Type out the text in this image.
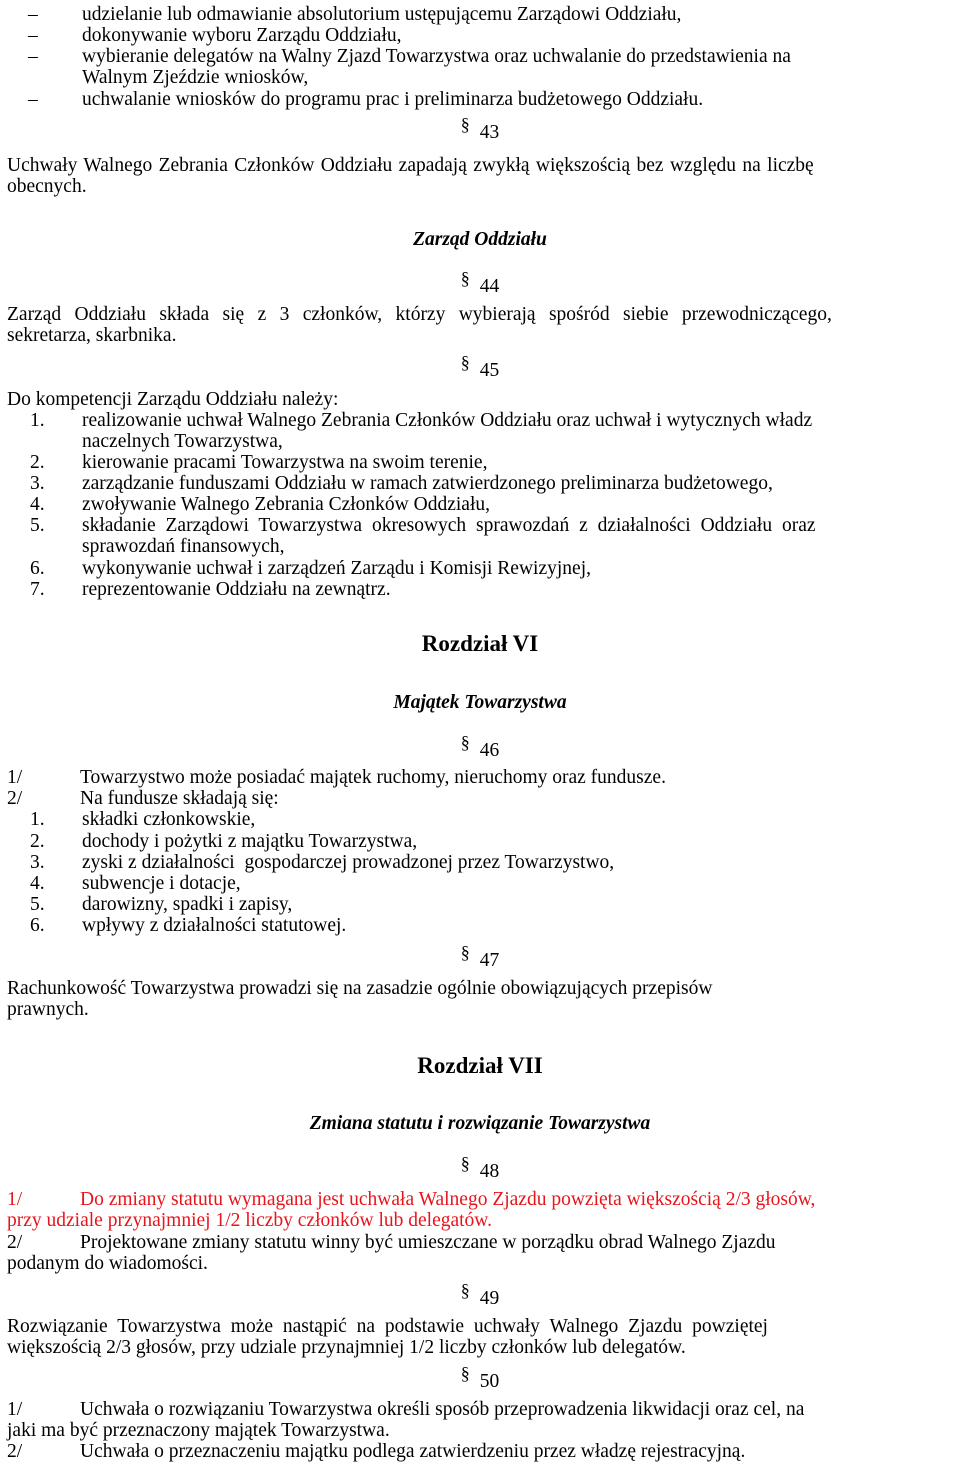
– udzielanie lub odmawianie absolutorium ustępującemu Zarządowi Oddziału,
– dokonywanie wyboru Zarządu Oddziału,
– wybieranie delegatów na Walny Zjazd Towarzystwa oraz uchwalanie do przedstawienia na
Walnym Zjeździe wniosków,
– uchwalanie wniosków do programu prac i preliminarza budżetowego Oddziału.
§ 43
Uchwały Walnego Zebrania Członków Oddziału zapadają zwykłą większością bez względu na liczbę
obecnych.
Zarząd Oddziału
§ 44
Zarząd Oddziału składa się z 3 członków, którzy wybierają spośród siebie przewodniczącego,
sekretarza, skarbnika.
§ 45
Do kompetencji Zarządu Oddziału należy:
1. realizowanie uchwał Walnego Zebrania Członków Oddziału oraz uchwał i wytycznych władz
naczelnych Towarzystwa,
2. kierowanie pracami Towarzystwa na swoim terenie,
3. zarządzanie funduszami Oddziału w ramach zatwierdzonego preliminarza budżetowego,
4. zwoływanie Walnego Zebrania Członków Oddziału,
5. składanie Zarządowi Towarzystwa okresowych sprawozdań z działalności Oddziału oraz
sprawozdań finansowych,
6. wykonywanie uchwał i zarządzeń Zarządu i Komisji Rewizyjnej,
7. reprezentowanie Oddziału na zewnątrz.
Rozdział VI
Majątek Towarzystwa
§ 46
1/	Towarzystwo może posiadać majątek ruchomy, nieruchomy oraz fundusze.
2/	Na fundusze składają się:
1. składki członkowskie,
2. dochody i pożytki z majątku Towarzystwa,
3. zyski z działalności  gospodarczej prowadzonej przez Towarzystwo,
4. subwencje i dotacje,
5. darowizny, spadki i zapisy,
6. wpływy z działalności statutowej.
§ 47
Rachunkowość Towarzystwa prowadzi się na zasadzie ogólnie obowiązujących przepisów
prawnych.
Rozdział VII
Zmiana statutu i rozwiązanie Towarzystwa
§ 48
1/	Do zmiany statutu wymagana jest uchwała Walnego Zjazdu powzięta większością 2/3 głosów,
przy udziale przynajmniej 1/2 liczby członków lub delegatów.
2/	Projektowane zmiany statutu winny być umieszczane w porządku obrad Walnego Zjazdu
podanym do wiadomości.
§ 49
Rozwiązanie Towarzystwa może nastąpić na podstawie uchwały Walnego Zjazdu powziętej
większością 2/3 głosów, przy udziale przynajmniej 1/2 liczby członków lub delegatów.
§ 50
1/	Uchwała o rozwiązaniu Towarzystwa określi sposób przeprowadzenia likwidacji oraz cel, na
jaki ma być przeznaczony majątek Towarzystwa.
2/	Uchwała o przeznaczeniu majątku podlega zatwierdzeniu przez władzę rejestracyjną.
